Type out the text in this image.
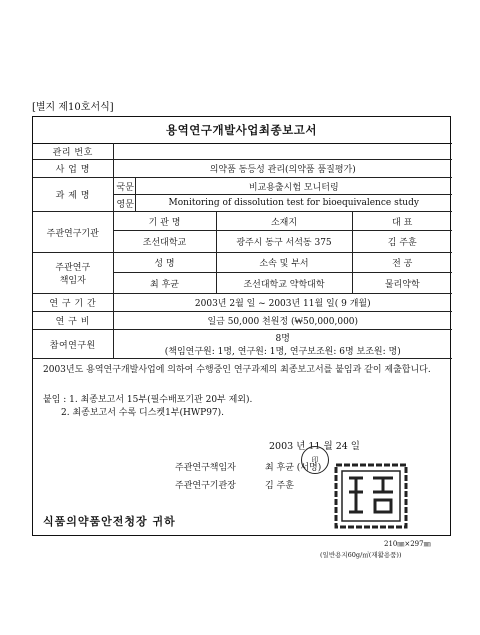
[별지 제10호서식]
용역연구개발사업최종보고서
관리 번호				
사 업 명	의약품 동등성 관리(의약품 품질평가)			
과 제 명	국문	비교용출시험 모니터링		
	영문	Monitoring of dissolution test for bioequivalence study		
주관연구기관	기 관 명		소재지	대 표
	조선대학교		광주시 동구 서석동 375	김 주훈

주관연구
책임자	성 명		소속 및 부서	전 공
	최 후균		조선대학교 약학대학	물리약학
연 구 기 간	2003년 2월 일 ~ 2003년 11월 일( 9 개월)			
연 구 비	일금 50,000 천원정 (₩50,000,000)			
참여연구원	8명
(책임연구원: 1명, 연구원: 1명, 연구보조원: 6명 보조원: 명)			
2003년도 용역연구개발사업에 의하여 수행중인 연구과제의 최종보고서를 붙임과 같이 제출합니다.
붙임 : 1. 최종보고서 15부(필수배포기관 20부 제외).
2. 최종보고서 수록 디스켓1부(HWP97).
2003 년 11 월 24 일
印
주관연구책임자	최 후균 (서명)
주관연구기관장	김 주훈
식품의약품안전청장 귀하
210㎜×297㎜
(일반용지60g/㎡(재활용품))
